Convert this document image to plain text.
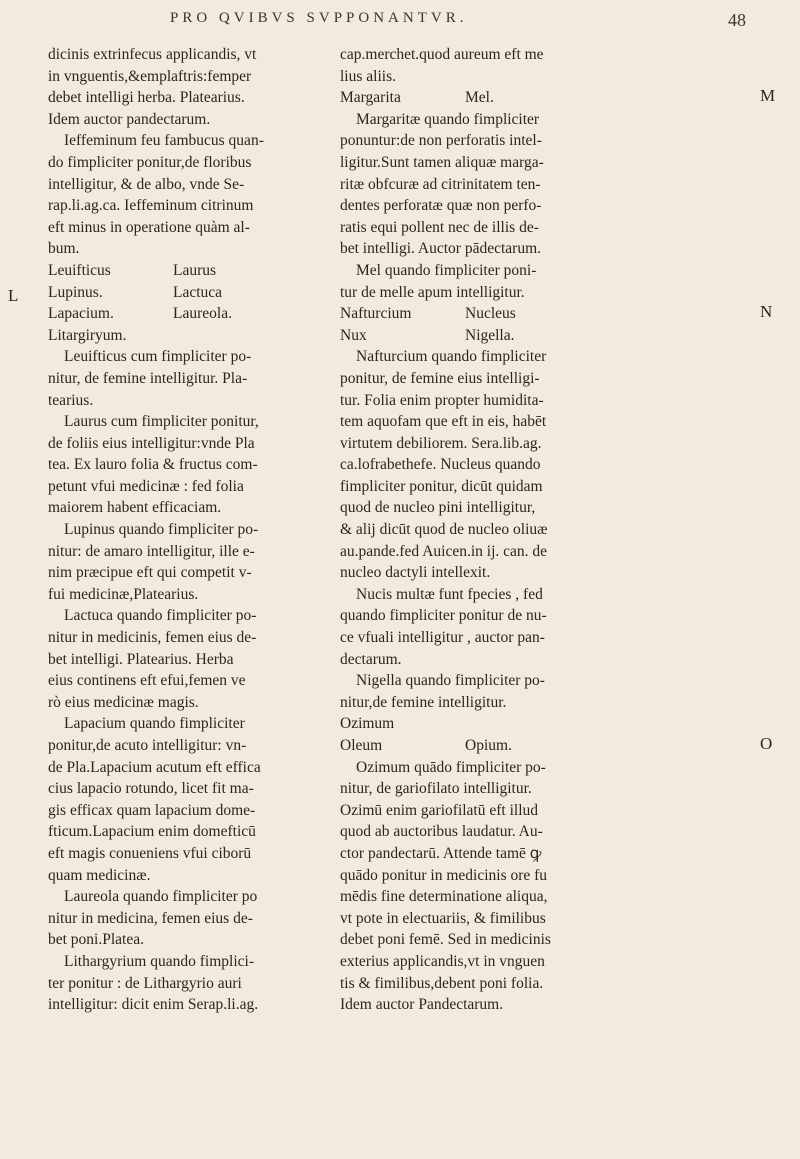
PRO QVIBVS SVPPONANTVR.	48
L
M
N
O

dicinis extrinfecus applicandis, vt

in vnguentis,&emplaftris:femper

debet intelligi herba. Platearius.

Idem auctor pandectarum.

Ieffeminum feu fambucus quan-

do fimpliciter ponitur,de floribus

intelligitur, & de albo, vnde Se-

rap.li.ag.ca. Ieffeminum citrinum

eft minus in operatione quàm al-

bum.

Leuifticus	Laurus
Lupinus.	Lactuca
Lapacium.	Laureola.

Litargiryum.

Leuifticus cum fimpliciter po-

nitur, de femine intelligitur. Pla-

tearius.

Laurus cum fimpliciter ponitur,

de foliis eius intelligitur:vnde Pla

tea. Ex lauro folia & fructus com-

petunt vfui medicinæ : fed folia

maiorem habent efficaciam.

Lupinus quando fimpliciter po-

nitur: de amaro intelligitur, ille e-

nim præcipue eft qui competit v-

fui medicinæ,Platearius.

Lactuca quando fimpliciter po-

nitur in medicinis, femen eius de-

bet intelligi. Platearius. Herba

eius continens eft efui,femen ve

rò eius medicinæ magis.

Lapacium quando fimpliciter

ponitur,de acuto intelligitur: vn-

de Pla.Lapacium acutum eft effica

cius lapacio rotundo, licet fit ma-

gis efficax quam lapacium dome-

fticum.Lapacium enim domefticū

eft magis conueniens vfui ciborū

quam medicinæ.

Laureola quando fimpliciter po

nitur in medicina, femen eius de-

bet poni.Platea.

Lithargyrium quando fimplici-

ter ponitur : de Lithargyrio auri

intelligitur: dicit enim Serap.li.ag.

cap.merchet.quod aureum eft me

lius aliis.

Margarita	Mel.

Margaritæ quando fimpliciter

ponuntur:de non perforatis intel-

ligitur.Sunt tamen aliquæ marga-

ritæ obfcuræ ad citrinitatem ten-

dentes perforatæ quæ non perfo-

ratis equi pollent nec de illis de-

bet intelligi. Auctor pādectarum.

Mel quando fimpliciter poni-

tur de melle apum intelligitur.

Nafturcium	Nucleus
Nux	Nigella.

Nafturcium quando fimpliciter

ponitur, de femine eius intelligi-

tur. Folia enim propter humidita-

tem aquofam que eft in eis, habēt

virtutem debiliorem. Sera.lib.ag.

ca.lofrabethefe. Nucleus quando

fimpliciter ponitur, dicūt quidam

quod de nucleo pini intelligitur,

& alij dicūt quod de nucleo oliuæ

au.pande.fed Auicen.in ij. can. de

nucleo dactyli intellexit.

Nucis multæ funt fpecies , fed

quando fimpliciter ponitur de nu-

ce vfuali intelligitur , auctor pan-

dectarum.

Nigella quando fimpliciter po-

nitur,de femine intelligitur.

Ozimum

Oleum	Opium.

Ozimum quādo fimpliciter po-

nitur, de gariofilato intelligitur.

Ozimū enim gariofilatū eft illud

quod ab auctoribus laudatur. Au-

ctor pandectarū. Attende tamē ꝙ

quādo ponitur in medicinis ore fu

mēdis fine determinatione aliqua,

vt pote in electuariis, & fimilibus

debet poni femē. Sed in medicinis

exterius applicandis,vt in vnguen

tis & fimilibus,debent poni folia.

Idem auctor Pandectarum.
